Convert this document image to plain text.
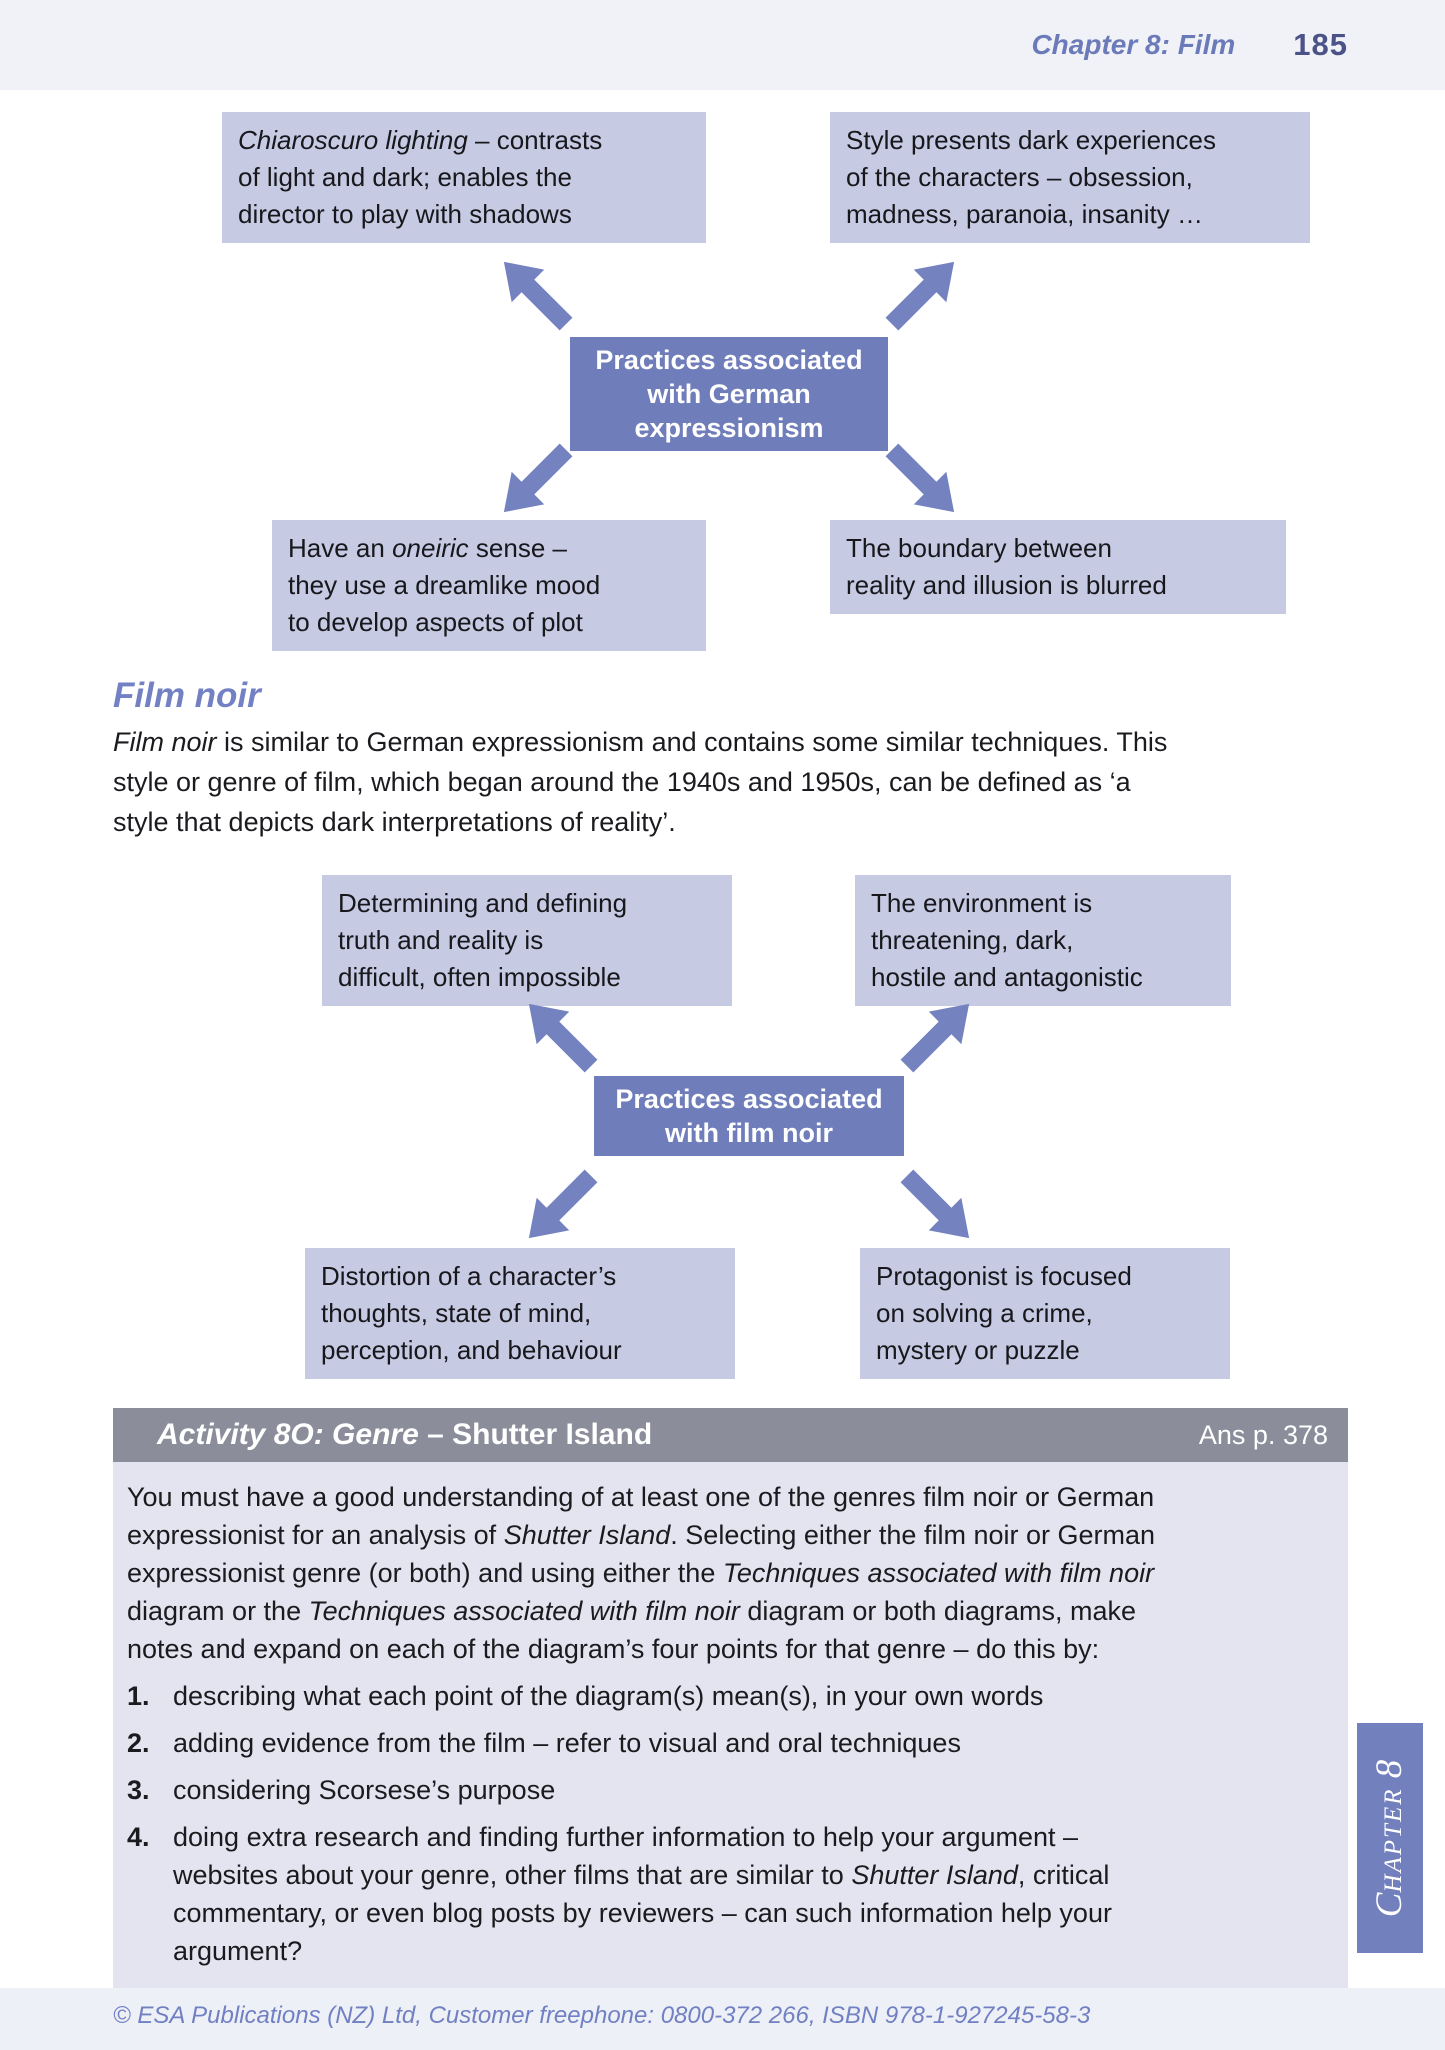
Chapter 8: Film 185
Chiaroscuro lighting – contrasts
of light and dark; enables the
director to play with shadows
Style presents dark experiences
of the characters – obsession,
madness, paranoia, insanity …
Practices associated
with German
expressionism
Have an oneiric sense –
they use a dreamlike mood
to develop aspects of plot
The boundary between
reality and illusion is blurred
Film noir
Film noir is similar to German expressionism and contains some similar techniques. This
style or genre of film, which began around the 1940s and 1950s, can be defined as ‘a
style that depicts dark interpretations of reality’.
Determining and defining
truth and reality is
difficult, often impossible
The environment is
threatening, dark,
hostile and antagonistic
Practices associated
with film noir
Distortion of a character’s
thoughts, state of mind,
perception, and behaviour
Protagonist is focused
on solving a crime,
mystery or puzzle
Activity 8O: Genre – Shutter Island	Ans p. 378
You must have a good understanding of at least one of the genres film noir or German
expressionist for an analysis of Shutter Island. Selecting either the film noir or German
expressionist genre (or both) and using either the Techniques associated with film noir
diagram or the Techniques associated with film noir diagram or both diagrams, make
notes and expand on each of the diagram’s four points for that genre – do this by:
1. describing what each point of the diagram(s) mean(s), in your own words
2. adding evidence from the film – refer to visual and oral techniques
3. considering Scorsese’s purpose
4. doing extra research and finding further information to help your argument –
websites about your genre, other films that are similar to Shutter Island, critical
commentary, or even blog posts by reviewers – can such information help your
argument?
CHAPTER 8
© ESA Publications (NZ) Ltd, Customer freephone: 0800-372 266, ISBN 978-1-927245-58-3
